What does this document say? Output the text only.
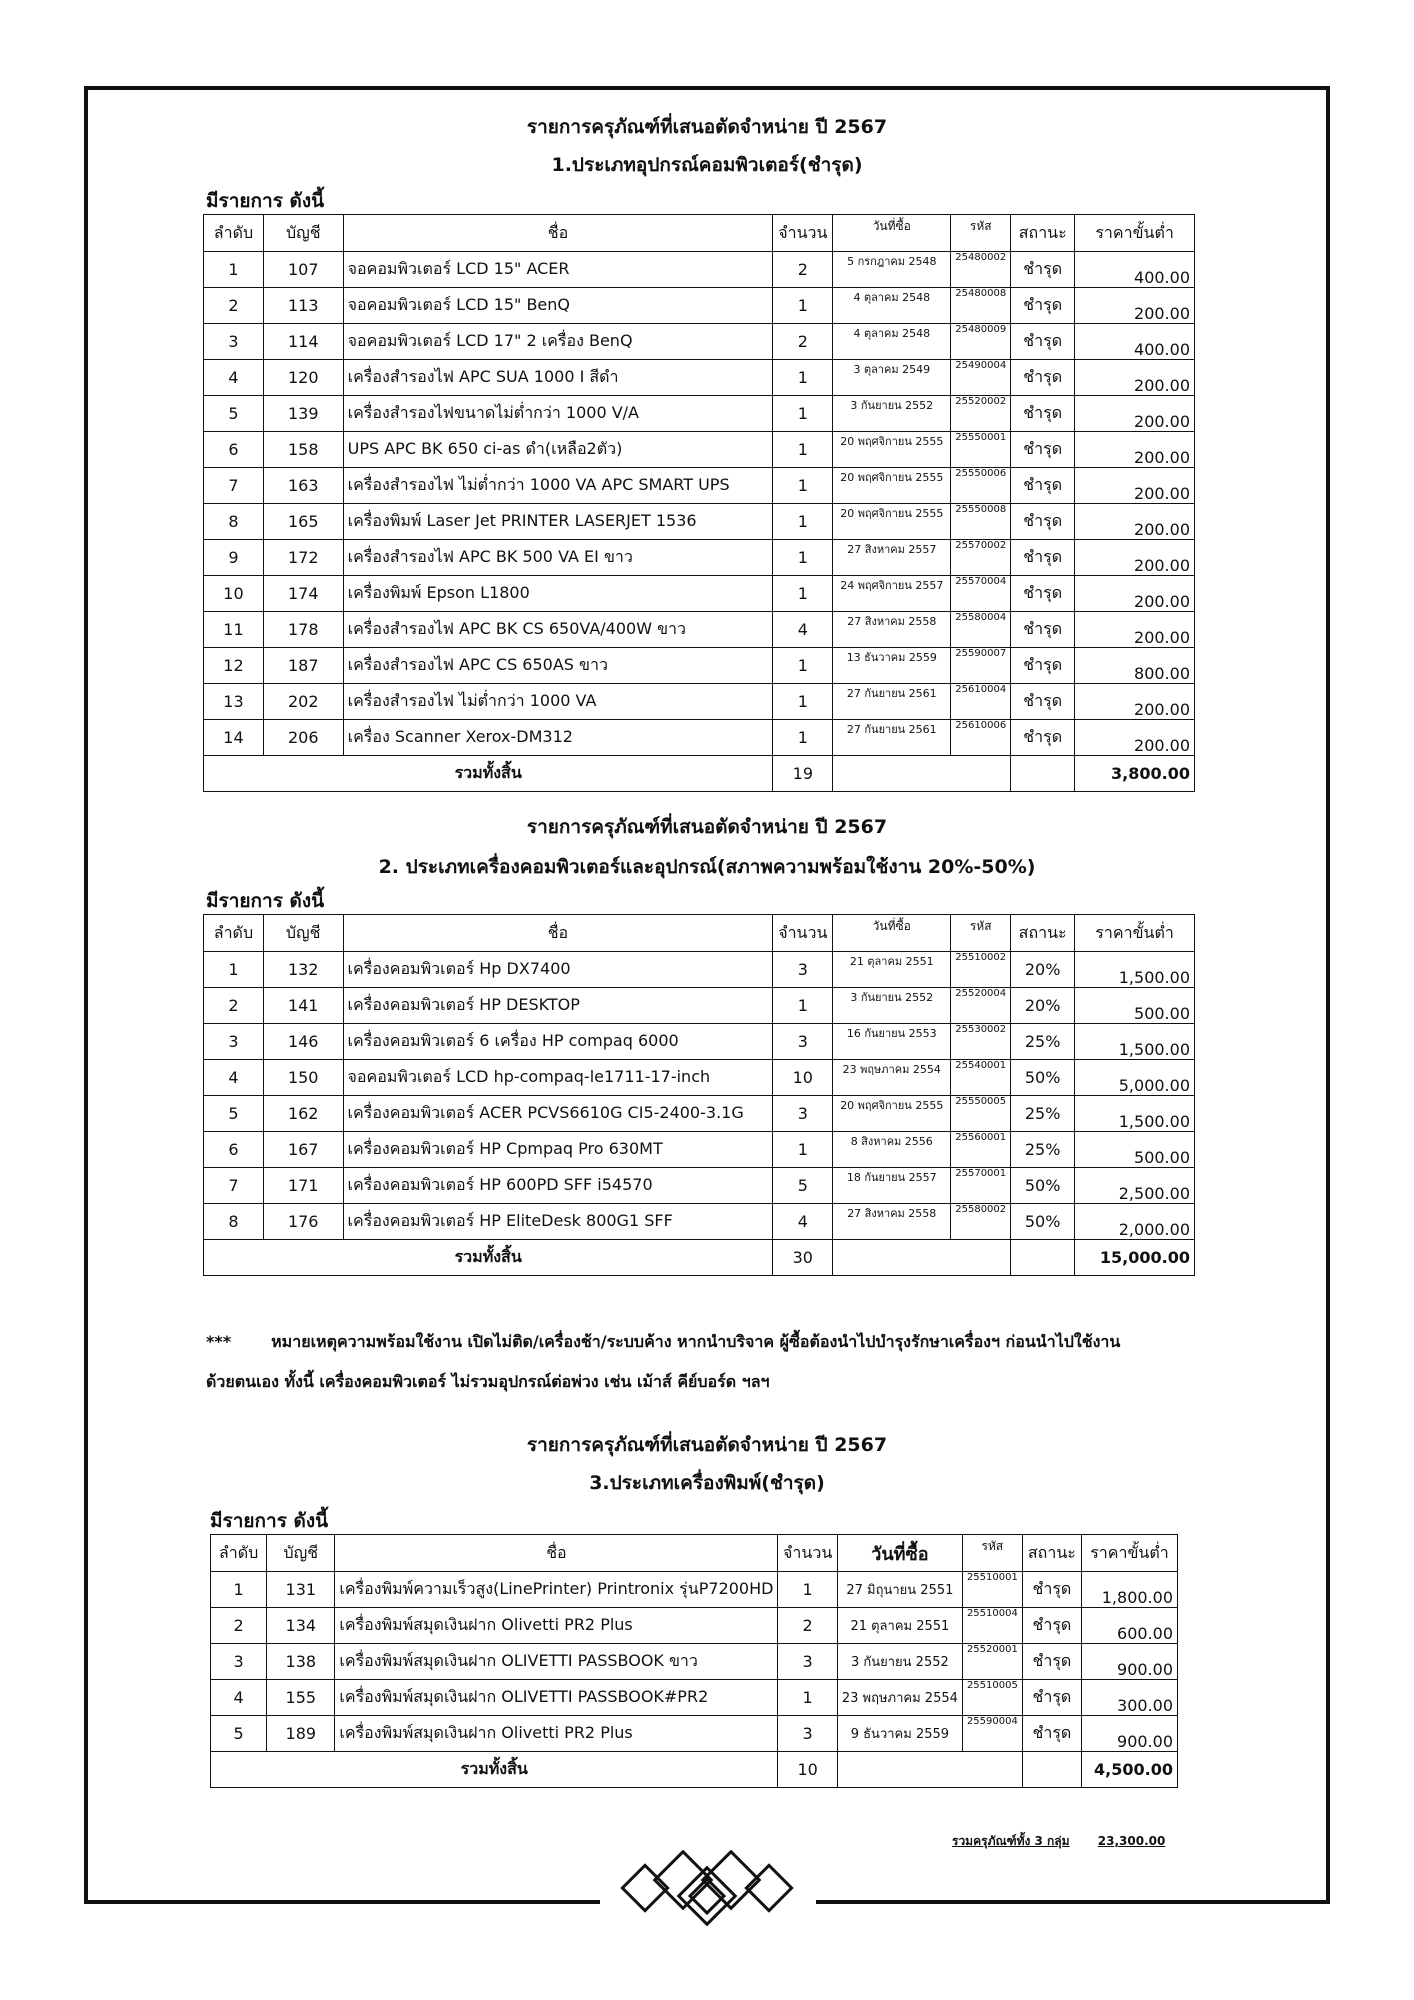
รายการครุภัณฑ์ที่เสนอตัดจำหน่าย ปี 2567
1.ประเภทอุปกรณ์คอมพิวเตอร์(ชำรุด)
มีรายการ ดังนี้
ลำดับ	บัญชี	ชื่อ	จำนวน	วันที่ซื้อ	รหัส	สถานะ	ราคาขั้นต่ำ
1	107	จอคอมพิวเตอร์ LCD 15" ACER	2	5 กรกฎาคม 2548	25480002	ชำรุด	400.00
2	113	จอคอมพิวเตอร์ LCD 15" BenQ	1	4 ตุลาคม 2548	25480008	ชำรุด	200.00
3	114	จอคอมพิวเตอร์ LCD 17" 2 เครื่อง BenQ	2	4 ตุลาคม 2548	25480009	ชำรุด	400.00
4	120	เครื่องสำรองไฟ APC SUA 1000 I สีดำ	1	3 ตุลาคม 2549	25490004	ชำรุด	200.00
5	139	เครื่องสำรองไฟขนาดไม่ต่ำกว่า 1000 V/A	1	3 กันยายน 2552	25520002	ชำรุด	200.00
6	158	UPS APC BK 650 ci-as ดำ(เหลือ2ตัว)	1	20 พฤศจิกายน 2555	25550001	ชำรุด	200.00
7	163	เครื่องสำรองไฟ ไม่ต่ำกว่า 1000 VA APC SMART UPS	1	20 พฤศจิกายน 2555	25550006	ชำรุด	200.00
8	165	เครื่องพิมพ์ Laser Jet PRINTER LASERJET 1536	1	20 พฤศจิกายน 2555	25550008	ชำรุด	200.00
9	172	เครื่องสำรองไฟ APC BK 500 VA EI ขาว	1	27 สิงหาคม 2557	25570002	ชำรุด	200.00
10	174	เครื่องพิมพ์ Epson L1800	1	24 พฤศจิกายน 2557	25570004	ชำรุด	200.00
11	178	เครื่องสำรองไฟ APC BK CS 650VA/400W ขาว	4	27 สิงหาคม 2558	25580004	ชำรุด	200.00
12	187	เครื่องสำรองไฟ APC CS 650AS ขาว	1	13 ธันวาคม 2559	25590007	ชำรุด	800.00
13	202	เครื่องสำรองไฟ ไม่ต่ำกว่า 1000 VA	1	27 กันยายน 2561	25610004	ชำรุด	200.00
14	206	เครื่อง Scanner Xerox-DM312	1	27 กันยายน 2561	25610006	ชำรุด	200.00
รวมทั้งสิ้น			19				3,800.00
รายการครุภัณฑ์ที่เสนอตัดจำหน่าย ปี 2567
2. ประเภทเครื่องคอมพิวเตอร์และอุปกรณ์(สภาพความพร้อมใช้งาน 20%-50%)
มีรายการ ดังนี้
ลำดับ	บัญชี	ชื่อ	จำนวน	วันที่ซื้อ	รหัส	สถานะ	ราคาขั้นต่ำ
1	132	เครื่องคอมพิวเตอร์ Hp DX7400	3	21 ตุลาคม 2551	25510002	20%	1,500.00
2	141	เครื่องคอมพิวเตอร์ HP DESKTOP	1	3 กันยายน 2552	25520004	20%	500.00
3	146	เครื่องคอมพิวเตอร์ 6 เครื่อง HP compaq 6000	3	16 กันยายน 2553	25530002	25%	1,500.00
4	150	จอคอมพิวเตอร์ LCD hp-compaq-le1711-17-inch	10	23 พฤษภาคม 2554	25540001	50%	5,000.00
5	162	เครื่องคอมพิวเตอร์ ACER PCVS6610G CI5-2400-3.1G	3	20 พฤศจิกายน 2555	25550005	25%	1,500.00
6	167	เครื่องคอมพิวเตอร์ HP Cpmpaq Pro 630MT	1	8 สิงหาคม 2556	25560001	25%	500.00
7	171	เครื่องคอมพิวเตอร์ HP 600PD SFF i54570	5	18 กันยายน 2557	25570001	50%	2,500.00
8	176	เครื่องคอมพิวเตอร์ HP EliteDesk 800G1 SFF	4	27 สิงหาคม 2558	25580002	50%	2,000.00
รวมทั้งสิ้น			30				15,000.00
***	หมายเหตุความพร้อมใช้งาน เปิดไม่ติด/เครื่องช้า/ระบบค้าง หากนำบริจาค ผู้ซื้อต้องนำไปบำรุงรักษาเครื่องฯ ก่อนนำไปใช้งาน
ด้วยตนเอง ทั้งนี้ เครื่องคอมพิวเตอร์ ไม่รวมอุปกรณ์ต่อพ่วง เช่น เม้าส์ คีย์บอร์ด ฯลฯ
รายการครุภัณฑ์ที่เสนอตัดจำหน่าย ปี 2567
3.ประเภทเครื่องพิมพ์(ชำรุด)
มีรายการ ดังนี้
ลำดับ	บัญชี	ชื่อ	จำนวน	วันที่ซื้อ	รหัส	สถานะ	ราคาขั้นต่ำ
1	131	เครื่องพิมพ์ความเร็วสูง(LinePrinter) Printronix รุ่นP7200HD	1	27 มิถุนายน 2551	25510001	ชำรุด	1,800.00
2	134	เครื่องพิมพ์สมุดเงินฝาก Olivetti PR2 Plus	2	21 ตุลาคม 2551	25510004	ชำรุด	600.00
3	138	เครื่องพิมพ์สมุดเงินฝาก OLIVETTI PASSBOOK ขาว	3	3 กันยายน 2552	25520001	ชำรุด	900.00
4	155	เครื่องพิมพ์สมุดเงินฝาก OLIVETTI PASSBOOK#PR2	1	23 พฤษภาคม 2554	25510005	ชำรุด	300.00
5	189	เครื่องพิมพ์สมุดเงินฝาก Olivetti PR2 Plus	3	9 ธันวาคม 2559	25590004	ชำรุด	900.00
รวมทั้งสิ้น			10				4,500.00
รวมครุภัณฑ์ทั้ง 3 กลุ่ม 23,300.00
